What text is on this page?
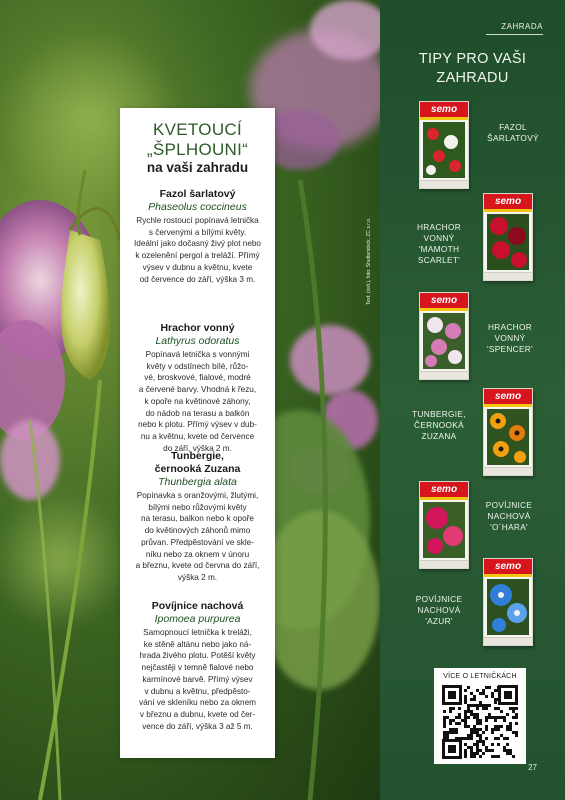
Text: (red.), foto: Shutterstock, ZC s.r.o.
KVETOUCÍ
„ŠPLHOUNI“
na vaši zahradu
Fazol šarlatový
Phaseolus coccineus
Rychle rostoucí popínavá letnička
s červenými a bílými květy.
Ideální jako dočasný živý plot nebo
k ozelenění pergol a treláží. Přímý
výsev v dubnu a květnu, kvete
od července do září, výška 3 m.
Hrachor vonný
Lathyrus odoratus
Popínavá letnička s vonnými
květy v odstínech bílé, růžo-
vé, broskvové, fialové, modré
a červené barvy. Vhodná k řezu,
k opoře na květinové záhony,
do nádob na terasu a balkón
nebo k plotu. Přímý výsev v dub-
nu a květnu, kvete od července
do září, výška 2 m.
Tunbergie,
černooká Zuzana
Thunbergia alata
Popínavka s oranžovými, žlutými,
bílými nebo růžovými květy
na terasu, balkon nebo k opoře
do květinových záhonů mimo
průvan. Předpěstování ve skle-
níku nebo za oknem v únoru
a březnu, kvete od června do září,
výška 2 m.
Povíjnice nachová
Ipomoea purpurea
Samopnoucí letnička k treláži,
ke stěně altánu nebo jako ná-
hrada živého plotu. Potěší květy
nejčastěji v temně fialové nebo
karmínové barvě. Přímý výsev
v dubnu a květnu, předpěsto-
vání ve skleníku nebo za oknem
v březnu a dubnu, kvete od čer-
vence do září, výška 3 až 5 m.
ZAHRADA
TIPY PRO VAŠI
ZAHRADU
semo
FAZOL
ŠARLATOVÝ
semo
HRACHOR
VONNÝ
'MAMOTH
SCARLET'
semo
HRACHOR
VONNÝ
'SPENCER'
semo
TUNBERGIE,
ČERNOOKÁ
ZUZANA
semo
POVÍJNICE
NACHOVÁ
'O´HARA'
semo
POVÍJNICE
NACHOVÁ
'AZUR'
VÍCE O LETNIČKÁCH
27
